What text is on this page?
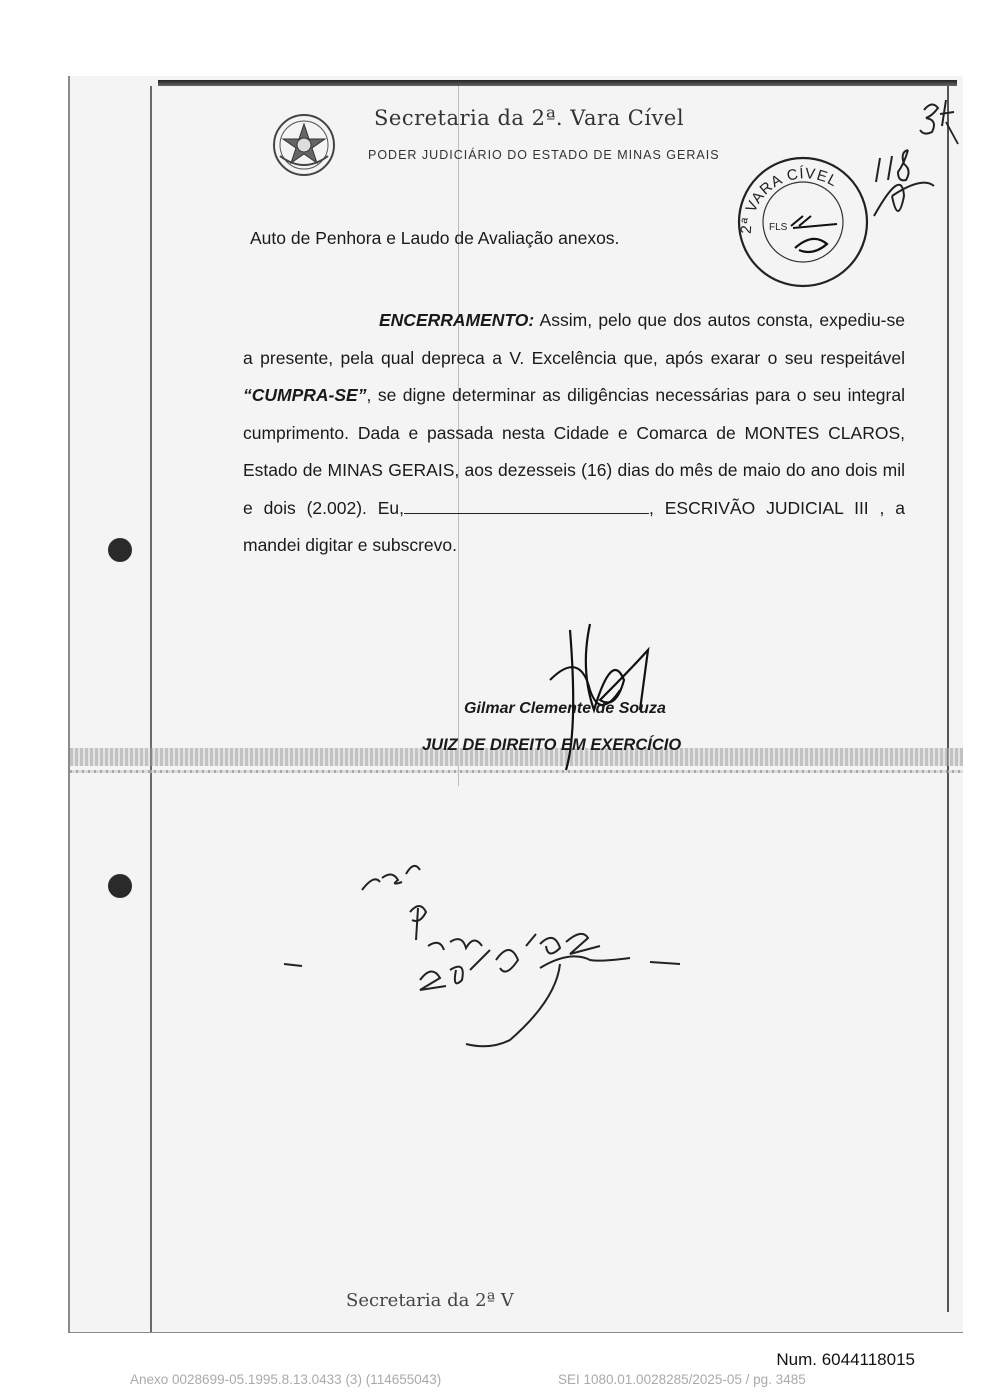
Secretaria da 2ª. Vara Cível
PODER JUDICIÁRIO DO ESTADO DE MINAS GERAIS
2ª VARA CÍVEL
FLS
Auto de Penhora e Laudo de Avaliação anexos.
ENCERRAMENTO: Assim, pelo que dos autos consta, expediu-se a presente, pela qual depreca a V. Excelência que, após exarar o seu respeitável “CUMPRA-SE”, se digne determinar as diligências necessárias para o seu integral cumprimento. Dada e passada nesta Cidade e Comarca de MONTES CLAROS, Estado de MINAS GERAIS, aos dezesseis (16) dias do mês de maio do ano dois mil e dois (2.002). Eu,	, ESCRIVÃO JUDICIAL III , a mandei digitar e subscrevo.
Gilmar Clemente de Souza
JUIZ DE DIREITO EM EXERCÍCIO
Secretaria da 2ª V
Num. 6044118015
Anexo 0028699-05.1995.8.13.0433 (3) (114655043)	SEI 1080.01.0028285/2025-05 / pg. 3485
